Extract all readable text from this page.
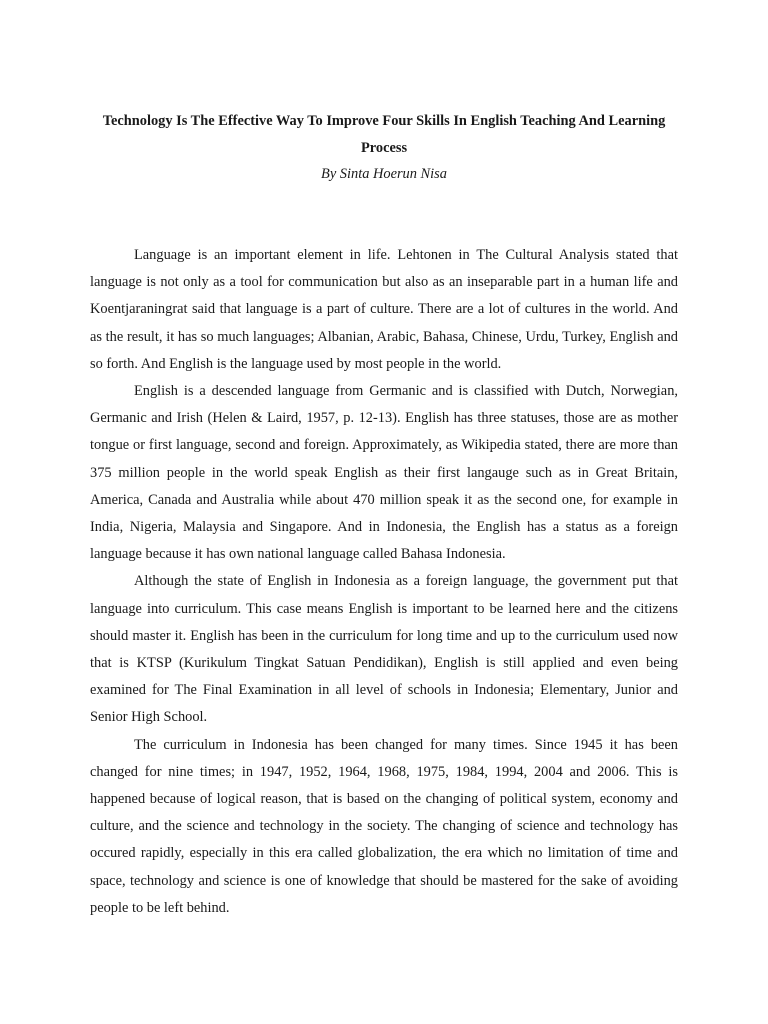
Technology Is The Effective Way To Improve Four Skills In English Teaching And Learning Process

By Sinta Hoerun Nisa

Language is an important element in life. Lehtonen in The Cultural Analysis stated that language is not only as a tool for communication but also as an inseparable part in a human life and Koentjaraningrat said that language is a part of culture. There are a lot of cultures in the world. And as the result, it has so much languages; Albanian, Arabic, Bahasa, Chinese, Urdu, Turkey, English and so forth. And English is the language used by most people in the world.

English is a descended language from Germanic and is classified with Dutch, Norwegian, Germanic and Irish (Helen & Laird, 1957, p. 12-13). English has three statuses, those are as mother tongue or first language, second and foreign. Approximately, as Wikipedia stated, there are more than 375 million people in the world speak English as their first langauge such as in Great Britain, America, Canada and Australia while about 470 million speak it as the second one, for example in India, Nigeria, Malaysia and Singapore. And in Indonesia, the English has a status as a foreign language because it has own national language called Bahasa Indonesia.

Although the state of English in Indonesia as a foreign language, the government put that language into curriculum. This case means English is important to be learned here and the citizens should master it. English has been in the curriculum for long time and up to the curriculum used now that is KTSP (Kurikulum Tingkat Satuan Pendidikan), English is still applied and even being examined for The Final Examination in all level of schools in Indonesia; Elementary, Junior and Senior High School.

The curriculum in Indonesia has been changed for many times. Since 1945 it has been changed for nine times; in 1947, 1952, 1964, 1968, 1975, 1984, 1994, 2004 and 2006. This is happened because of logical reason, that is based on the changing of political system, economy and culture, and the science and technology in the society. The changing of science and technology has occured rapidly, especially in this era called globalization, the era which no limitation of time and space, technology and science is one of knowledge that should be mastered for the sake of avoiding people to be left behind.
